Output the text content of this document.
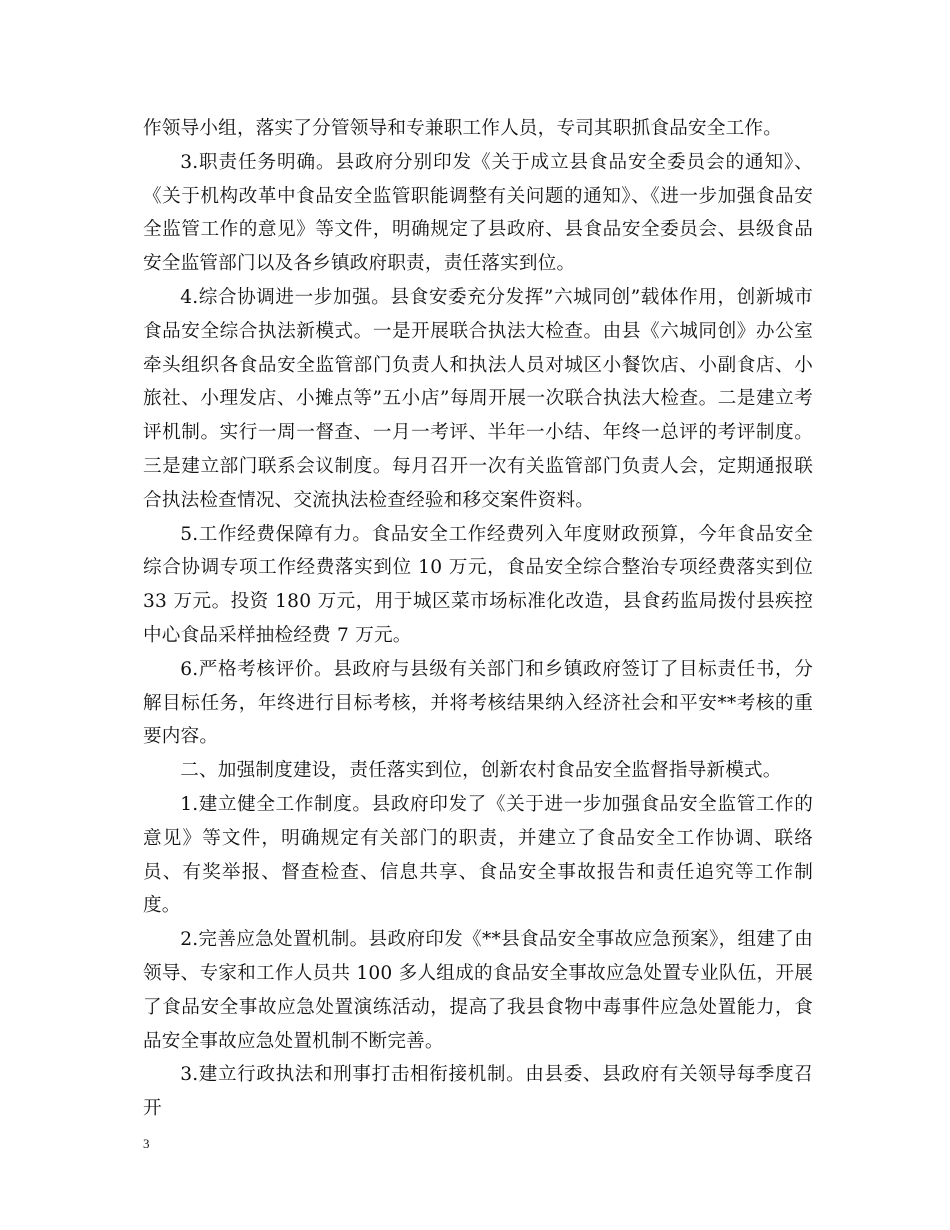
作领导小组，落实了分管领导和专兼职工作人员，专司其职抓食品安全工作。

3.职责任务明确。县政府分别印发《关于成立县食品安全委员会的通知》、《关于机构改革中食品安全监管职能调整有关问题的通知》、《进一步加强食品安全监管工作的意见》等文件，明确规定了县政府、县食品安全委员会、县级食品安全监管部门以及各乡镇政府职责，责任落实到位。

4.综合协调进一步加强。县食安委充分发挥”六城同创”载体作用，创新城市食品安全综合执法新模式。一是开展联合执法大检查。由县《六城同创》办公室牵头组织各食品安全监管部门负责人和执法人员对城区小餐饮店、小副食店、小旅社、小理发店、小摊点等”五小店”每周开展一次联合执法大检查。二是建立考评机制。实行一周一督查、一月一考评、半年一小结、年终一总评的考评制度。三是建立部门联系会议制度。每月召开一次有关监管部门负责人会，定期通报联合执法检查情况、交流执法检查经验和移交案件资料。

5.工作经费保障有力。食品安全工作经费列入年度财政预算，今年食品安全综合协调专项工作经费落实到位 10 万元，食品安全综合整治专项经费落实到位 33 万元。投资 180 万元，用于城区菜市场标准化改造，县食药监局拨付县疾控中心食品采样抽检经费 7 万元。

6.严格考核评价。县政府与县级有关部门和乡镇政府签订了目标责任书，分解目标任务，年终进行目标考核，并将考核结果纳入经济社会和平安**考核的重要内容。

二、加强制度建设，责任落实到位，创新农村食品安全监督指导新模式。

1.建立健全工作制度。县政府印发了《关于进一步加强食品安全监管工作的意见》等文件，明确规定有关部门的职责，并建立了食品安全工作协调、联络员、有奖举报、督查检查、信息共享、食品安全事故报告和责任追究等工作制度。

2.完善应急处置机制。县政府印发《**县食品安全事故应急预案》，组建了由领导、专家和工作人员共 100 多人组成的食品安全事故应急处置专业队伍，开展了食品安全事故应急处置演练活动，提高了我县食物中毒事件应急处置能力，食品安全事故应急处置机制不断完善。

3.建立行政执法和刑事打击相衔接机制。由县委、县政府有关领导每季度召开

3
